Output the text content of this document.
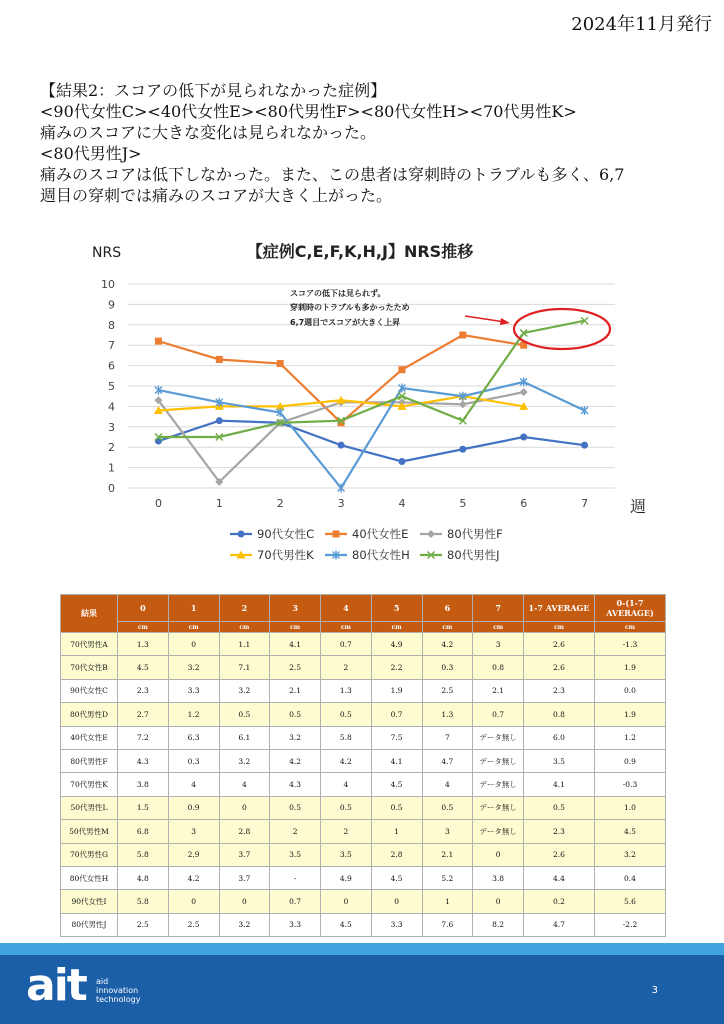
2024年11月発行
【結果2：スコアの低下が見られなかった症例】
<90代女性C><40代女性E><80代男性F><80代女性H><70代男性K>
痛みのスコアに大きな変化は見られなかった。
<80代男性J>
痛みのスコアは低下しなかった。また、この患者は穿刺時のトラブルも多く、6,7
週目の穿刺では痛みのスコアが大きく上がった。
NRS	【症例C,E,F,K,H,J】NRS推移
0
1
2
3
4
5
6
7
8
9
10
0	1	2	3	4	5	6	7	週
スコアの低下は見られず。
穿刺時のトラブルも多かったため
6,7週目でスコアが大きく上昇
90代女性C	40代女性E	80代男性F
70代男性K	80代女性H	80代男性J
結果	0	1	2	3	4	5	6	7	1-7 AVERAGE	0-(1-7 AVERAGE)
	cm	cm	cm	cm	cm	cm	cm	cm	cm	cm
70代男性A	1.3	0	1.1	4.1	0.7	4.9	4.2	3	2.6	-1.3
70代女性B	4.5	3.2	7.1	2.5	2	2.2	0.3	0.8	2.6	1.9
90代女性C	2.3	3.3	3.2	2.1	1.3	1.9	2.5	2.1	2.3	0.0
80代男性D	2.7	1.2	0.5	0.5	0.5	0.7	1.3	0.7	0.8	1.9
40代女性E	7.2	6.3	6.1	3.2	5.8	7.5	7	データ無し	6.0	1.2
80代男性F	4.3	0.3	3.2	4.2	4.2	4.1	4.7	データ無し	3.5	0.9
70代男性K	3.8	4	4	4.3	4	4.5	4	データ無し	4.1	-0.3
50代男性L	1.5	0.9	0	0.5	0.5	0.5	0.5	データ無し	0.5	1.0
50代男性M	6.8	3	2.8	2	2	1	3	データ無し	2.3	4.5
70代男性G	5.8	2.9	3.7	3.5	3.5	2.8	2.1	0	2.6	3.2
80代女性H	4.8	4.2	3.7	-	4.9	4.5	5.2	3.8	4.4	0.4
90代女性I	5.8	0	0	0.7	0	0	1	0	0.2	5.6
80代男性J	2.5	2.5	3.2	3.3	4.5	3.3	7.6	8.2	4.7	-2.2
ait aid
innovation
technology
3
